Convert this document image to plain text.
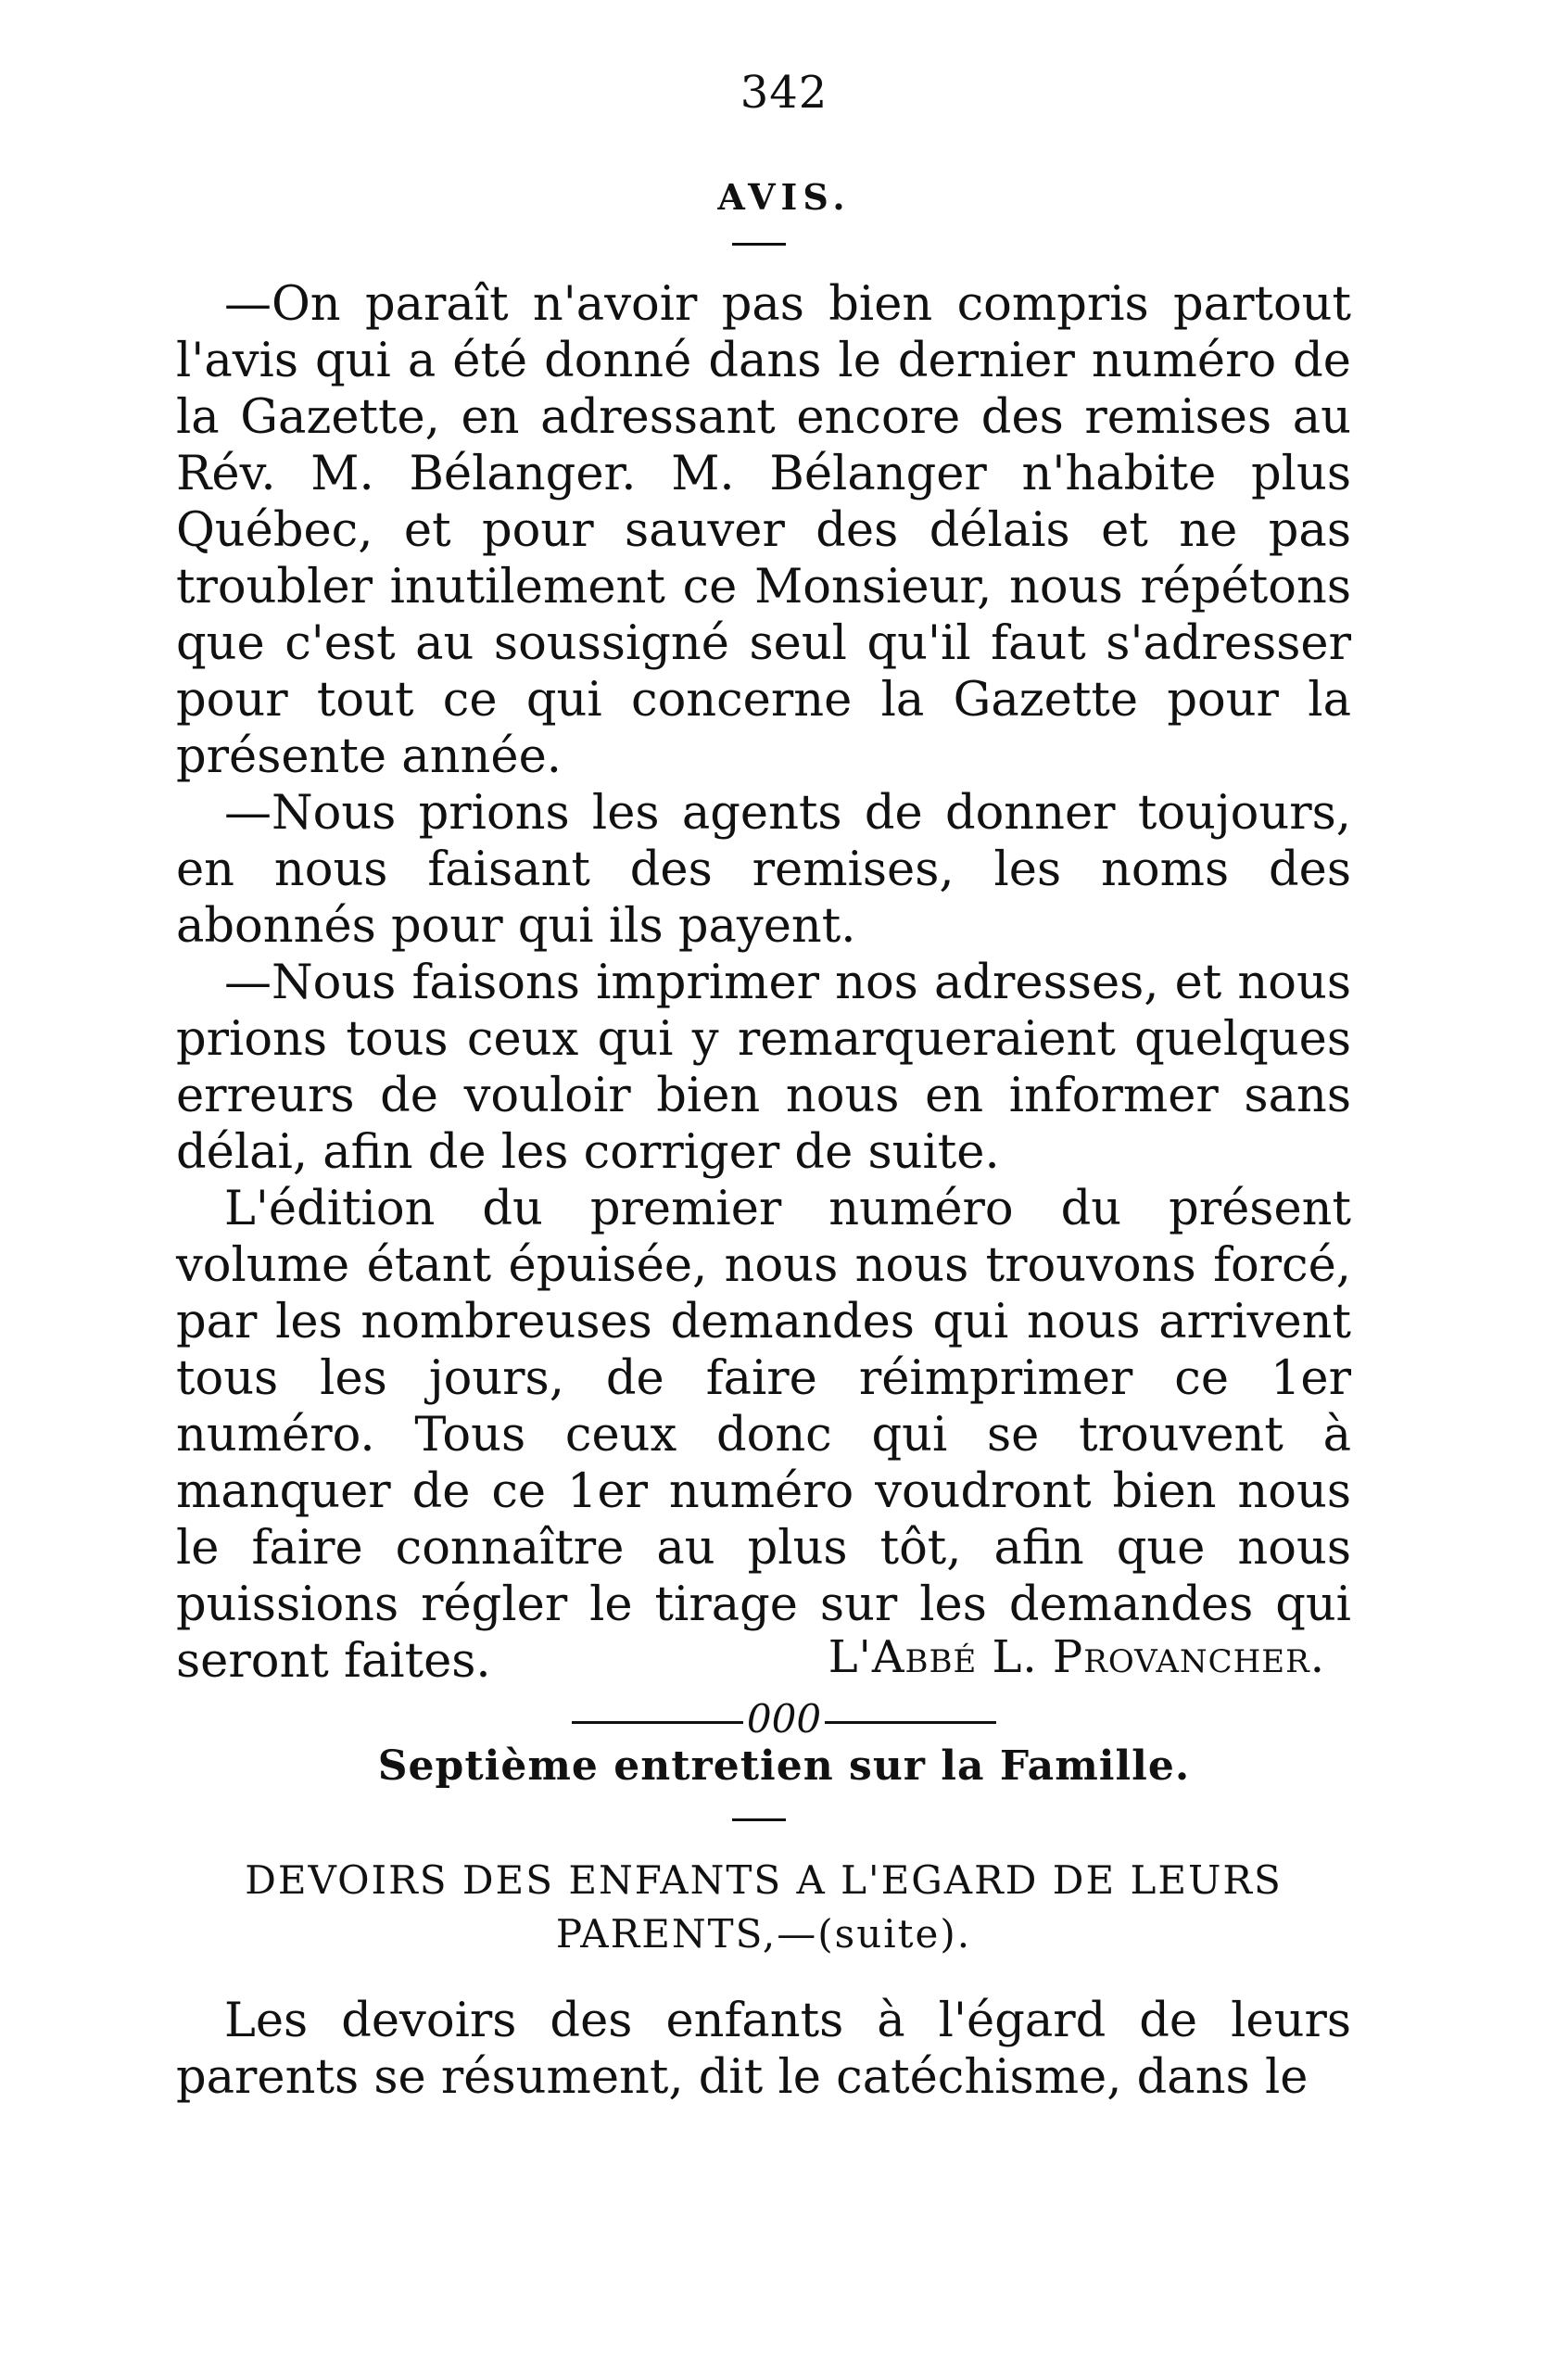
342
AVIS.

—On paraît n'avoir pas bien compris partout l'avis qui a été donné dans le dernier numéro de la Gazette, en adressant encore des remises au Rév. M. Bélanger. M. Bélanger n'habite plus Québec, et pour sauver des délais et ne pas troubler inutilement ce Monsieur, nous répétons que c'est au soussigné seul qu'il faut s'adresser pour tout ce qui concerne la Gazette pour la présente année.

—Nous prions les agents de donner toujours, en nous faisant des remises, les noms des abonnés pour qui ils payent.

—Nous faisons imprimer nos adresses, et nous prions tous ceux qui y remarqueraient quelques erreurs de vouloir bien nous en informer sans délai, afin de les corriger de suite.

L'édition du premier numéro du présent volume étant épuisée, nous nous trouvons forcé, par les nombreuses demandes qui nous arrivent tous les jours, de faire réimprimer ce 1er numéro. Tous ceux donc qui se trouvent à manquer de ce 1er numéro voudront bien nous le faire connaître au plus tôt, afin que nous puissions régler le tirage sur les demandes qui seront faites.	L'Abbé L. Provancher.
000
Septième entretien sur la Famille.
DEVOIRS DES ENFANTS A L'EGARD DE LEURS PARENTS,—(suite).

Les devoirs des enfants à l'égard de leurs parents se résument, dit le catéchisme, dans le
